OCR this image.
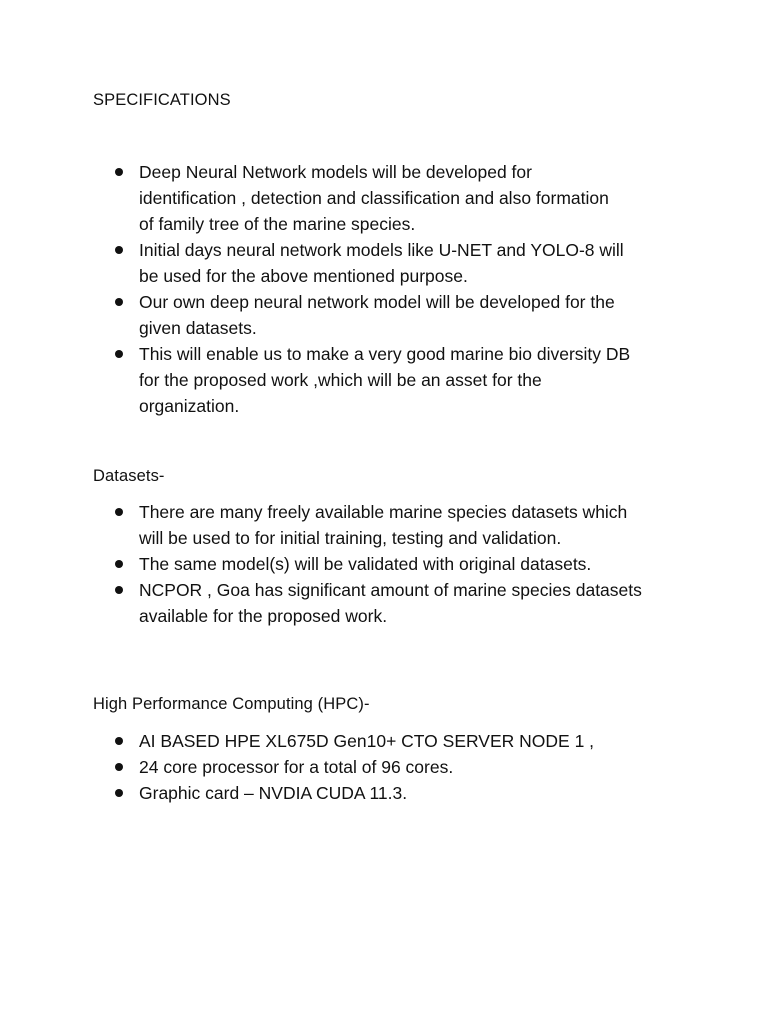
SPECIFICATIONS
Deep Neural Network models will be developed for
identification , detection and classification and also formation
of family tree of the marine species.
Initial days neural network models like U-NET and YOLO-8 will
be used for the above mentioned purpose.
Our own deep neural network model will be developed for the
given datasets.
This will enable us to make a very good marine bio diversity DB
for the proposed work ,which will be an asset for the
organization.
Datasets-
There are many freely available marine species datasets which
will be used to for initial training, testing and validation.
The same model(s) will be validated with original datasets.
NCPOR , Goa has significant amount of marine species datasets
available for the proposed work.
High Performance Computing (HPC)-
AI BASED HPE XL675D Gen10+ CTO SERVER NODE 1 ,
24 core processor for a total of 96 cores.
Graphic card – NVDIA CUDA 11.3.
